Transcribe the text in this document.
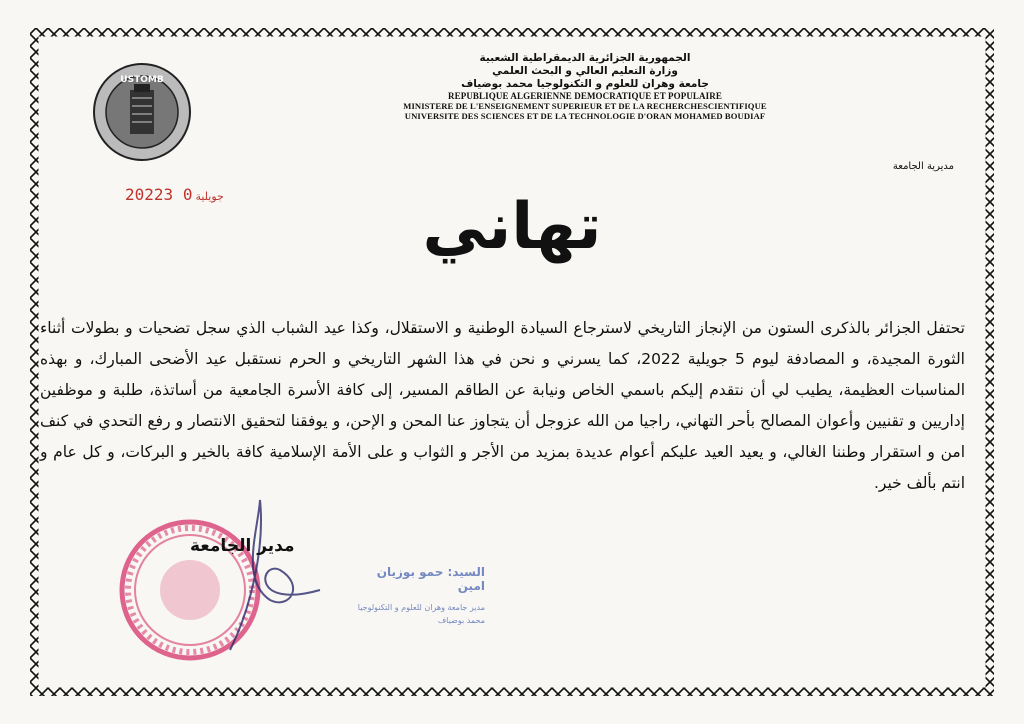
USTOMB
الجمهورية الجزائرية الديمقراطية الشعبية
وزارة التعليم العالي و البحث العلمي
جامعة وهران للعلوم و التكنولوجيا محمد بوضياف
REPUBLIQUE ALGERIENNE DEMOCRATIQUE ET POPULAIRE
MINISTERE DE L'ENSEIGNEMENT SUPERIEUR ET DE LA RECHERCHESCIENTIFIQUE
UNIVERSITE DES SCIENCES ET DE LA TECHNOLOGIE D'ORAN MOHAMED BOUDIAF
مديرية الجامعة
2022	جويلية0 3	تهاني
تحتفل الجزائر بالذكرى الستون من الإنجاز التاريخي لاسترجاع السيادة الوطنية و الاستقلال، وكذا عيد الشباب الذي سجل تضحيات و بطولات أثناء الثورة المجيدة، و المصادفة ليوم 5 جويلية 2022، كما يسرني و نحن في هذا الشهر التاريخي و الحرم نستقبل عيد الأضحى المبارك، و بهذه المناسبات العظيمة، يطيب لي أن نتقدم إليكم باسمي الخاص ونيابة عن الطاقم المسير، إلى كافة الأسرة الجامعية من أساتذة، طلبة و موظفين إداريين و تقنيين وأعوان المصالح بأحر التهاني، راجيا من الله عزوجل أن يتجاوز عنا المحن و الإحن، و يوفقنا لتحقيق الانتصار و رفع التحدي في كنف امن و استقرار وطننا الغالي، و يعيد العيد عليكم أعوام عديدة بمزيد من الأجر و الثواب و على الأمة الإسلامية كافة بالخير و البركات، و كل عام و انتم بألف خير.
مدير الجامعة
السيد: حمو بوزيان امين
مدير جامعة وهران للعلوم و التكنولوجيا
محمد بوضياف
